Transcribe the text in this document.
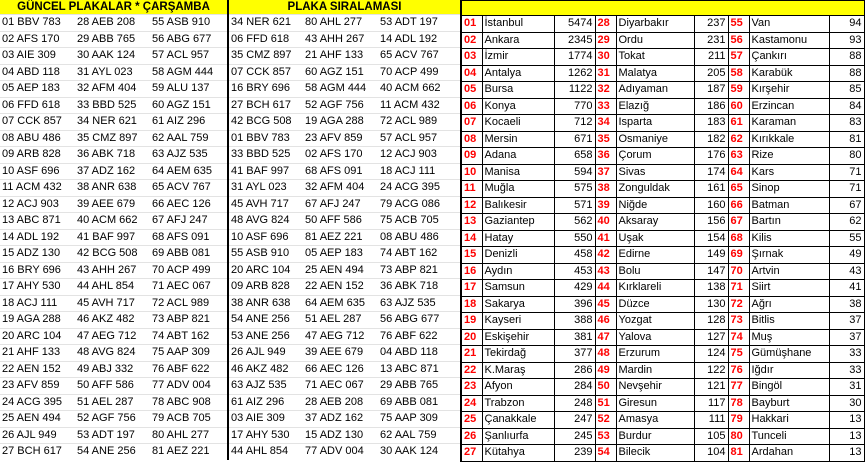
GÜNCEL PLAKALAR * ÇARŞAMBA			PLAKA SIRALAMASI		
01 BBV 783	28 AEB 208	55 ASB 910	34 NER 621	80 AHL 277	53 ADT 197
02 AFS 170	29 ABB 765	56 ABG 677	06 FFD 618	43 AHH 267	14 ADL 192
03 AIE 309	30 AAK 124	57 ACL 957	35 CMZ 897	21 AHF 133	65 ACV 767
04 ABD 118	31 AYL 023	58 AGM 444	07 CCK 857	60 AGZ 151	70 ACP 499
05 AEP 183	32 AFM 404	59 ALU 137	16 BRY 696	58 AGM 444	40 ACM 662
06 FFD 618	33 BBD 525	60 AGZ 151	27 BCH 617	52 AGF 756	11 ACM 432
07 CCK 857	34 NER 621	61 AIZ 296	42 BCG 508	19 AGA 288	72 ACL 989
08 ABU 486	35 CMZ 897	62 AAL 759	01 BBV 783	23 AFV 859	57 ACL 957
09 ARB 828	36 ABK 718	63 AJZ 535	33 BBD 525	02 AFS 170	12 ACJ 903
10 ASF 696	37 ADZ 162	64 AEM 635	41 BAF 997	68 AFS 091	18 ACJ 111
11 ACM 432	38 ANR 638	65 ACV 767	31 AYL 023	32 AFM 404	24 ACG 395
12 ACJ 903	39 AEE 679	66 AEC 126	45 AVH 717	67 AFJ 247	79 ACG 086
13 ABC 871	40 ACM 662	67 AFJ 247	48 AVG 824	50 AFF 586	75 ACB 705
14 ADL 192	41 BAF 997	68 AFS 091	10 ASF 696	81 AEZ 221	08 ABU 486
15 ADZ 130	42 BCG 508	69 ABB 081	55 ASB 910	05 AEP 183	74 ABT 162
16 BRY 696	43 AHH 267	70 ACP 499	20 ARC 104	25 AEN 494	73 ABP 821
17 AHY 530	44 AHL 854	71 AEC 067	09 ARB 828	22 AEN 152	36 ABK 718
18 ACJ 111	45 AVH 717	72 ACL 989	38 ANR 638	64 AEM 635	63 AJZ 535
19 AGA 288	46 AKZ 482	73 ABP 821	54 ANE 256	51 AEL 287	56 ABG 677
20 ARC 104	47 AEG 712	74 ABT 162	53 ANE 256	47 AEG 712	76 ABF 622
21 AHF 133	48 AVG 824	75 AAP 309	26 AJL 949	39 AEE 679	04 ABD 118
22 AEN 152	49 ABJ 332	76 ABF 622	46 AKZ 482	66 AEC 126	13 ABC 871
23 AFV 859	50 AFF 586	77 ADV 004	63 AJZ 535	71 AEC 067	29 ABB 765
24 ACG 395	51 AEL 287	78 ABC 908	61 AIZ 296	28 AEB 208	69 ABB 081
25 AEN 494	52 AGF 756	79 ACB 705	03 AIE 309	37 ADZ 162	75 AAP 309
26 AJL 949	53 ADT 197	80 AHL 277	17 AHY 530	15 ADZ 130	62 AAL 759
27 BCH 617	54 ANE 256	81 AEZ 221	44 AHL 854	77 ADV 004	30 AAK 124

01	İstanbul	5474	28	Diyarbakır	237	55	Van	94
02	Ankara	2345	29	Ordu	231	56	Kastamonu	93
03	İzmir	1774	30	Tokat	211	57	Çankırı	88
04	Antalya	1262	31	Malatya	205	58	Karabük	88
05	Bursa	1122	32	Adıyaman	187	59	Kırşehir	85
06	Konya	770	33	Elazığ	186	60	Erzincan	84
07	Kocaeli	712	34	Isparta	183	61	Karaman	83
08	Mersin	671	35	Osmaniye	182	62	Kırıkkale	81
09	Adana	658	36	Çorum	176	63	Rize	80
10	Manisa	594	37	Sivas	174	64	Kars	71
11	Muğla	575	38	Zonguldak	161	65	Sinop	71
12	Balıkesir	571	39	Niğde	160	66	Batman	67
13	Gaziantep	562	40	Aksaray	156	67	Bartın	62
14	Hatay	550	41	Uşak	154	68	Kilis	55
15	Denizli	458	42	Edirne	149	69	Şırnak	49
16	Aydın	453	43	Bolu	147	70	Artvin	43
17	Samsun	429	44	Kırklareli	138	71	Siirt	41
18	Sakarya	396	45	Düzce	130	72	Ağrı	38
19	Kayseri	388	46	Yozgat	128	73	Bitlis	37
20	Eskişehir	381	47	Yalova	127	74	Muş	37
21	Tekirdağ	377	48	Erzurum	124	75	Gümüşhane	33
22	K.Maraş	286	49	Mardin	122	76	Iğdır	33
23	Afyon	284	50	Nevşehir	121	77	Bingöl	31
24	Trabzon	248	51	Giresun	117	78	Bayburt	30
25	Çanakkale	247	52	Amasya	111	79	Hakkari	13
26	Şanlıurfa	245	53	Burdur	105	80	Tunceli	13
27	Kütahya	239	54	Bilecik	104	81	Ardahan	13
